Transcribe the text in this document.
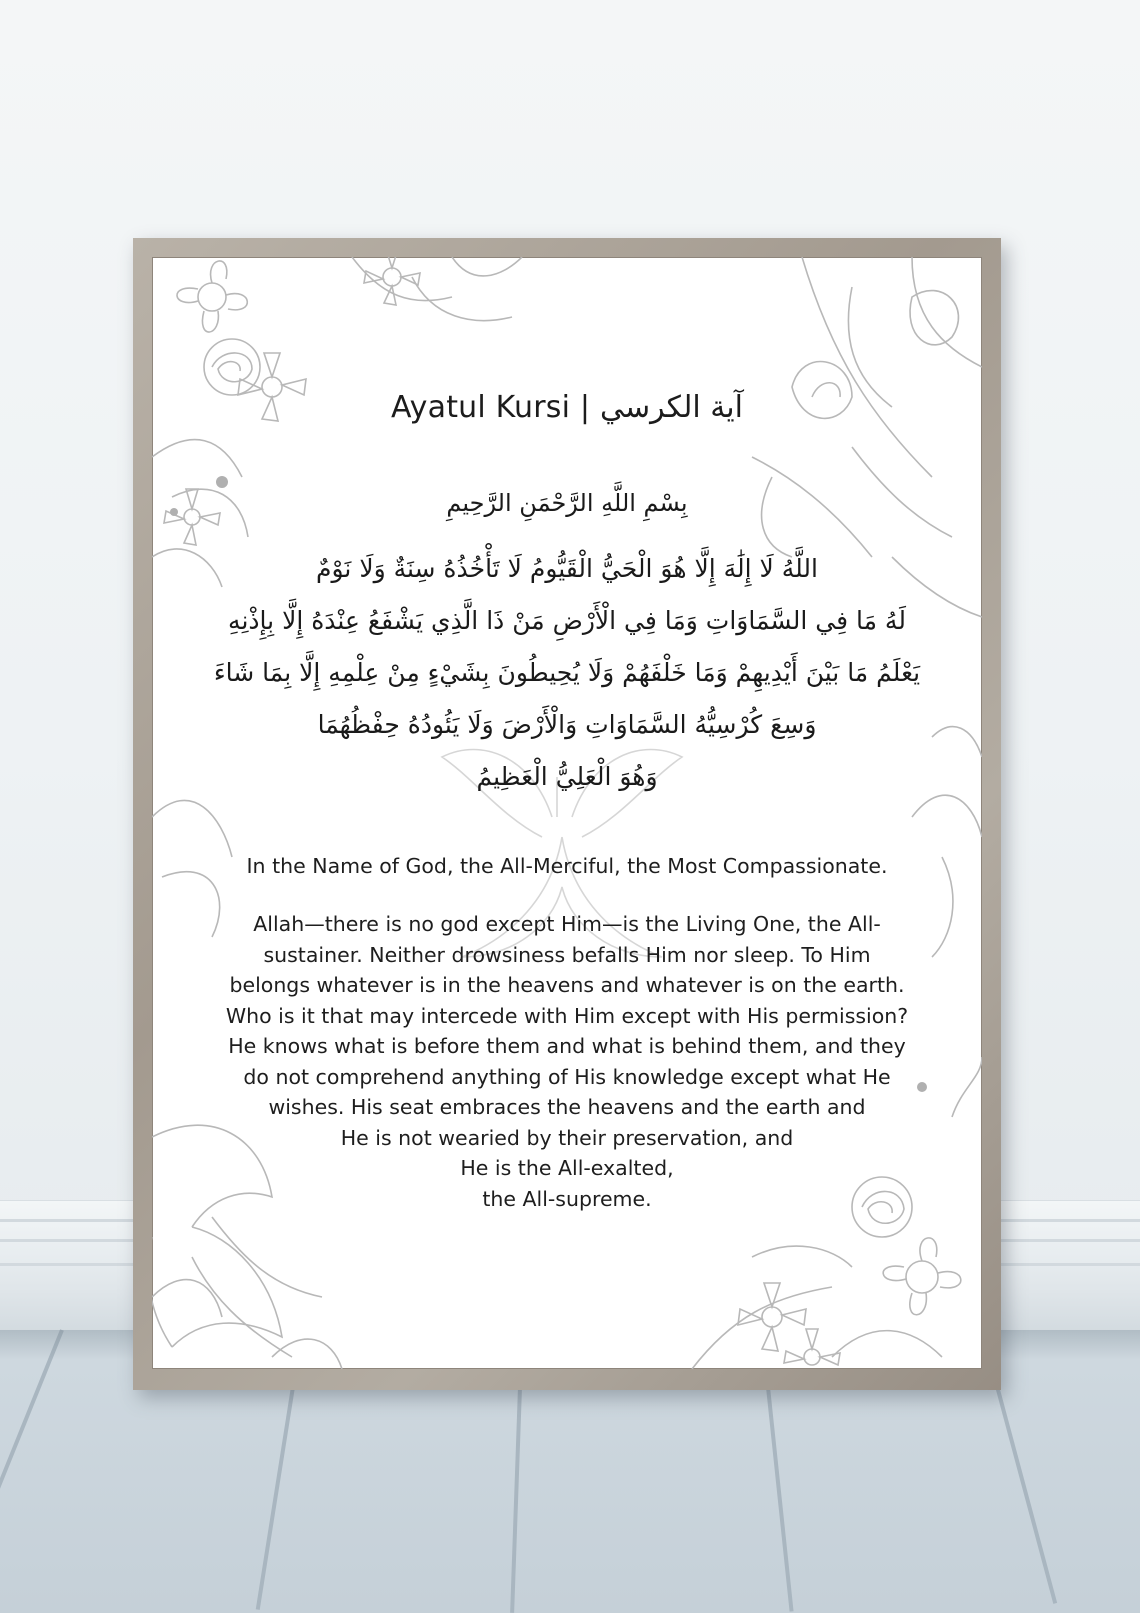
Ayatul Kursi | آية الكرسي
بِسْمِ اللَّهِ الرَّحْمَنِ الرَّحِيمِ
اللَّهُ لَا إِلَٰهَ إِلَّا هُوَ الْحَيُّ الْقَيُّومُ لَا تَأْخُذُهُ سِنَةٌ وَلَا نَوْمٌ
لَهُ مَا فِي السَّمَاوَاتِ وَمَا فِي الْأَرْضِ مَنْ ذَا الَّذِي يَشْفَعُ عِنْدَهُ إِلَّا بِإِذْنِهِ
يَعْلَمُ مَا بَيْنَ أَيْدِيهِمْ وَمَا خَلْفَهُمْ وَلَا يُحِيطُونَ بِشَيْءٍ مِنْ عِلْمِهِ إِلَّا بِمَا شَاءَ
وَسِعَ كُرْسِيُّهُ السَّمَاوَاتِ وَالْأَرْضَ وَلَا يَئُودُهُ حِفْظُهُمَا
وَهُوَ الْعَلِيُّ الْعَظِيمُ
In the Name of God, the All-Merciful, the Most Compassionate.

Allah—there is no god except Him—is the Living One, the All-

sustainer. Neither drowsiness befalls Him nor sleep. To Him

belongs whatever is in the heavens and whatever is on the earth.

Who is it that may intercede with Him except with His permission?

He knows what is before them and what is behind them, and they

do not comprehend anything of His knowledge except what He

wishes. His seat embraces the heavens and the earth and

He is not wearied by their preservation, and

He is the All-exalted,

the All-supreme.
